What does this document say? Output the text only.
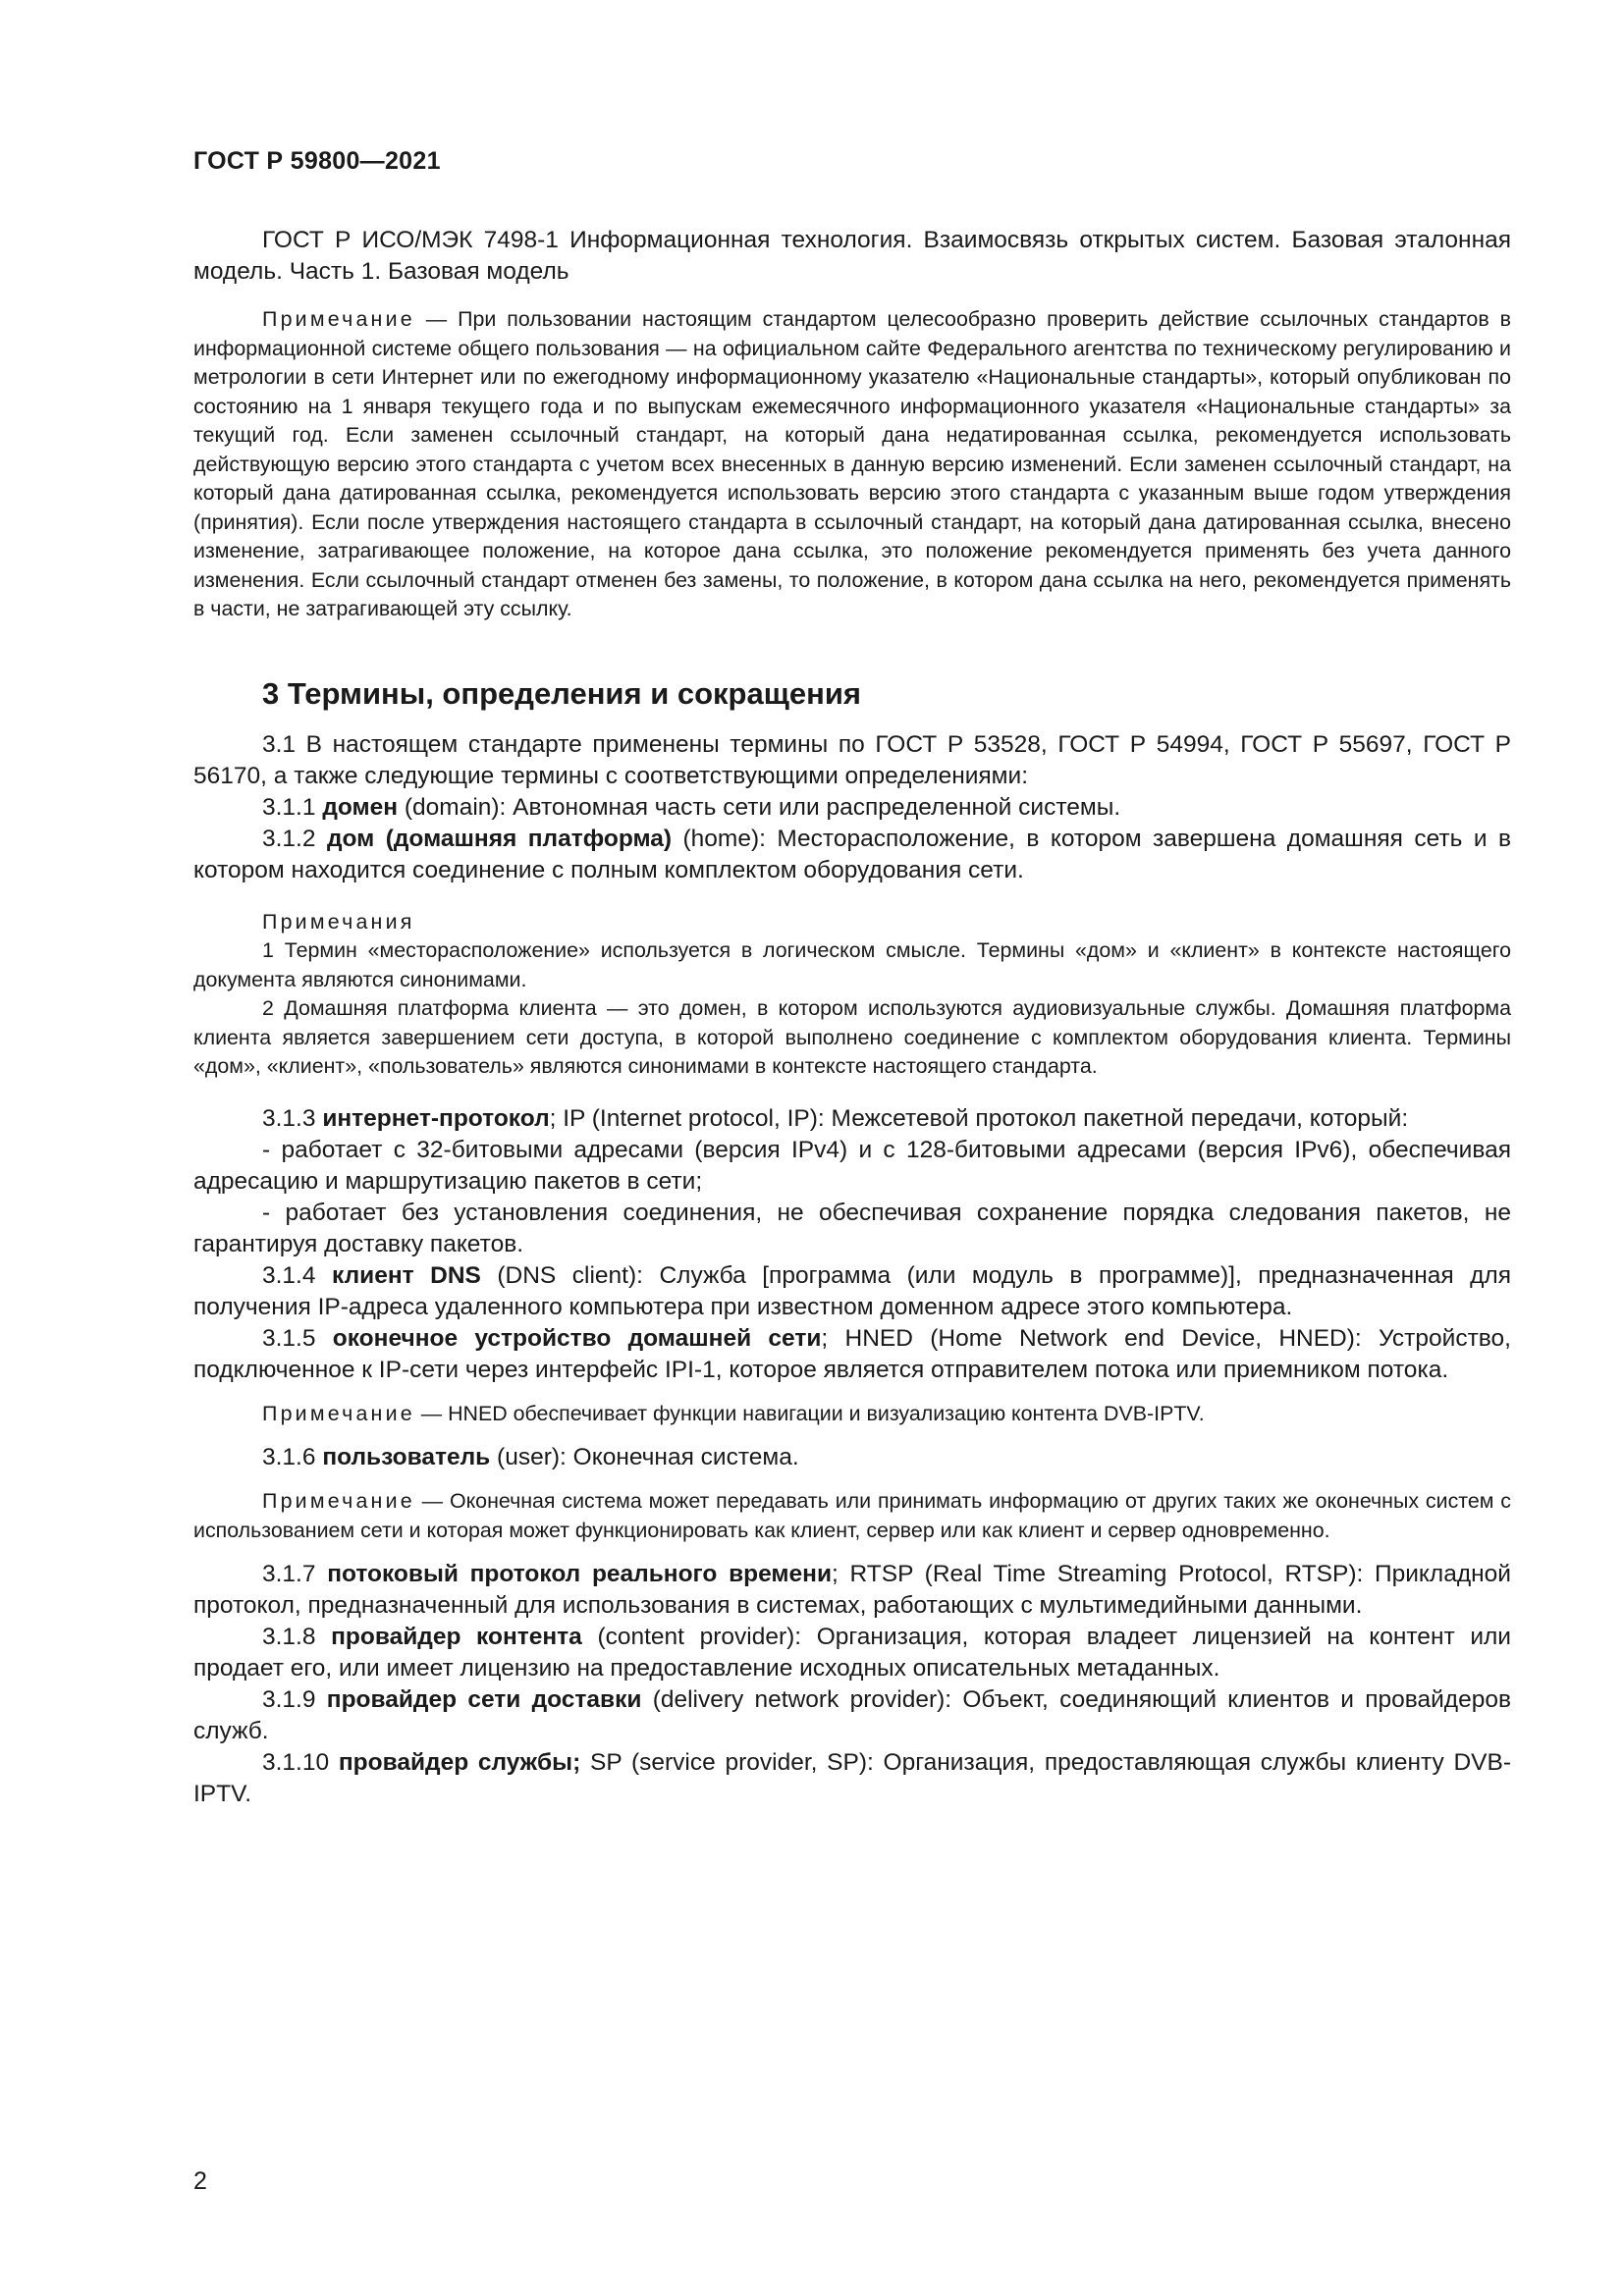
ГОСТ Р 59800—2021

ГОСТ Р ИСО/МЭК 7498-1 Информационная технология. Взаимосвязь открытых систем. Базовая эталонная модель. Часть 1. Базовая модель

Примечание — При пользовании настоящим стандартом целесообразно проверить действие ссылочных стандартов в информационной системе общего пользования — на официальном сайте Федерального агентства по техническому регулированию и метрологии в сети Интернет или по ежегодному информационному указателю «Национальные стандарты», который опубликован по состоянию на 1 января текущего года и по выпускам ежемесячного информационного указателя «Национальные стандарты» за текущий год. Если заменен ссылочный стандарт, на который дана недатированная ссылка, рекомендуется использовать действующую версию этого стандарта с учетом всех внесенных в данную версию изменений. Если заменен ссылочный стандарт, на который дана датированная ссылка, рекомендуется использовать версию этого стандарта с указанным выше годом утверждения (принятия). Если после утверждения настоящего стандарта в ссылочный стандарт, на который дана датированная ссылка, внесено изменение, затрагивающее положение, на которое дана ссылка, это положение рекомендуется применять без учета данного изменения. Если ссылочный стандарт отменен без замены, то положение, в котором дана ссылка на него, рекомендуется применять в части, не затрагивающей эту ссылку.

3 Термины, определения и сокращения

3.1 В настоящем стандарте применены термины по ГОСТ Р 53528, ГОСТ Р 54994, ГОСТ Р 55697, ГОСТ Р 56170, а также следующие термины с соответствующими определениями:

3.1.1 домен (domain): Автономная часть сети или распределенной системы.

3.1.2 дом (домашняя платформа) (home): Месторасположение, в котором завершена домашняя сеть и в котором находится соединение с полным комплектом оборудования сети.

Примечания

1 Термин «месторасположение» используется в логическом смысле. Термины «дом» и «клиент» в контексте настоящего документа являются синонимами.

2 Домашняя платформа клиента — это домен, в котором используются аудиовизуальные службы. Домашняя платформа клиента является завершением сети доступа, в которой выполнено соединение с комплектом оборудования клиента. Термины «дом», «клиент», «пользователь» являются синонимами в контексте настоящего стандарта.

3.1.3 интернет-протокол; IP (Internet protocol, IP): Межсетевой протокол пакетной передачи, который:

- работает с 32-битовыми адресами (версия IPv4) и с 128-битовыми адресами (версия IPv6), обеспечивая адресацию и маршрутизацию пакетов в сети;

- работает без установления соединения, не обеспечивая сохранение порядка следования пакетов, не гарантируя доставку пакетов.

3.1.4 клиент DNS (DNS client): Служба [программа (или модуль в программе)], предназначенная для получения IP-адреса удаленного компьютера при известном доменном адресе этого компьютера.

3.1.5 оконечное устройство домашней сети; HNED (Home Network end Device, HNED): Устройство, подключенное к IP-сети через интерфейс IPI-1, которое является отправителем потока или приемником потока.

Примечание — HNED обеспечивает функции навигации и визуализацию контента DVB-IPTV.

3.1.6 пользователь (user): Оконечная система.

Примечание — Оконечная система может передавать или принимать информацию от других таких же оконечных систем с использованием сети и которая может функционировать как клиент, сервер или как клиент и сервер одновременно.

3.1.7 потоковый протокол реального времени; RTSP (Real Time Streaming Protocol, RTSP): Прикладной протокол, предназначенный для использования в системах, работающих с мультимедийными данными.

3.1.8 провайдер контента (content provider): Организация, которая владеет лицензией на контент или продает его, или имеет лицензию на предоставление исходных описательных метаданных.

3.1.9 провайдер сети доставки (delivery network provider): Объект, соединяющий клиентов и провайдеров служб.

3.1.10 провайдер службы; SP (service provider, SP): Организация, предоставляющая службы клиенту DVB-IPTV.

2
